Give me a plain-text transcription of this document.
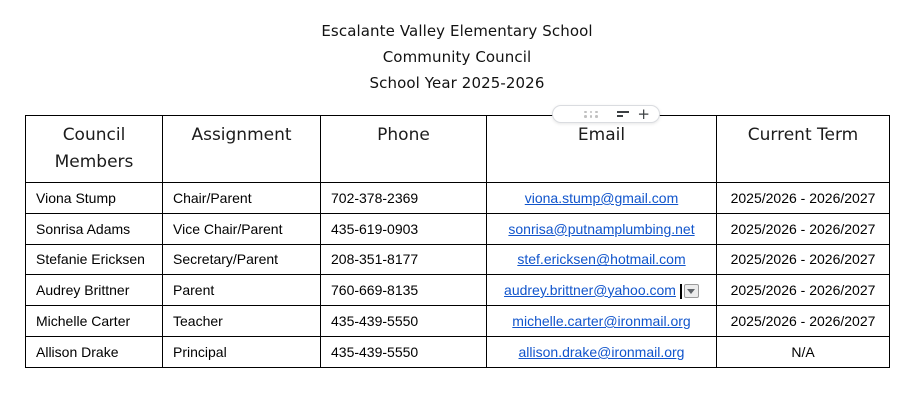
Escalante Valley Elementary School
Community Council
School Year 2025-2026
+
Council Members	Assignment	Phone	Email	Current Term
Viona Stump	Chair/Parent	702-378-2369	viona.stump@gmail.com	2025/2026 - 2026/2027
Sonrisa Adams	Vice Chair/Parent	435-619-0903	sonrisa@putnamplumbing.net	2025/2026 - 2026/2027
Stefanie Ericksen	Secretary/Parent	208-351-8177	stef.ericksen@hotmail.com	2025/2026 - 2026/2027
Audrey Brittner	Parent	760-669-8135	audrey.brittner@yahoo.com	2025/2026 - 2026/2027
Michelle Carter	Teacher	435-439-5550	michelle.carter@ironmail.org	2025/2026 - 2026/2027
Allison Drake	Principal	435-439-5550	allison.drake@ironmail.org	N/A
